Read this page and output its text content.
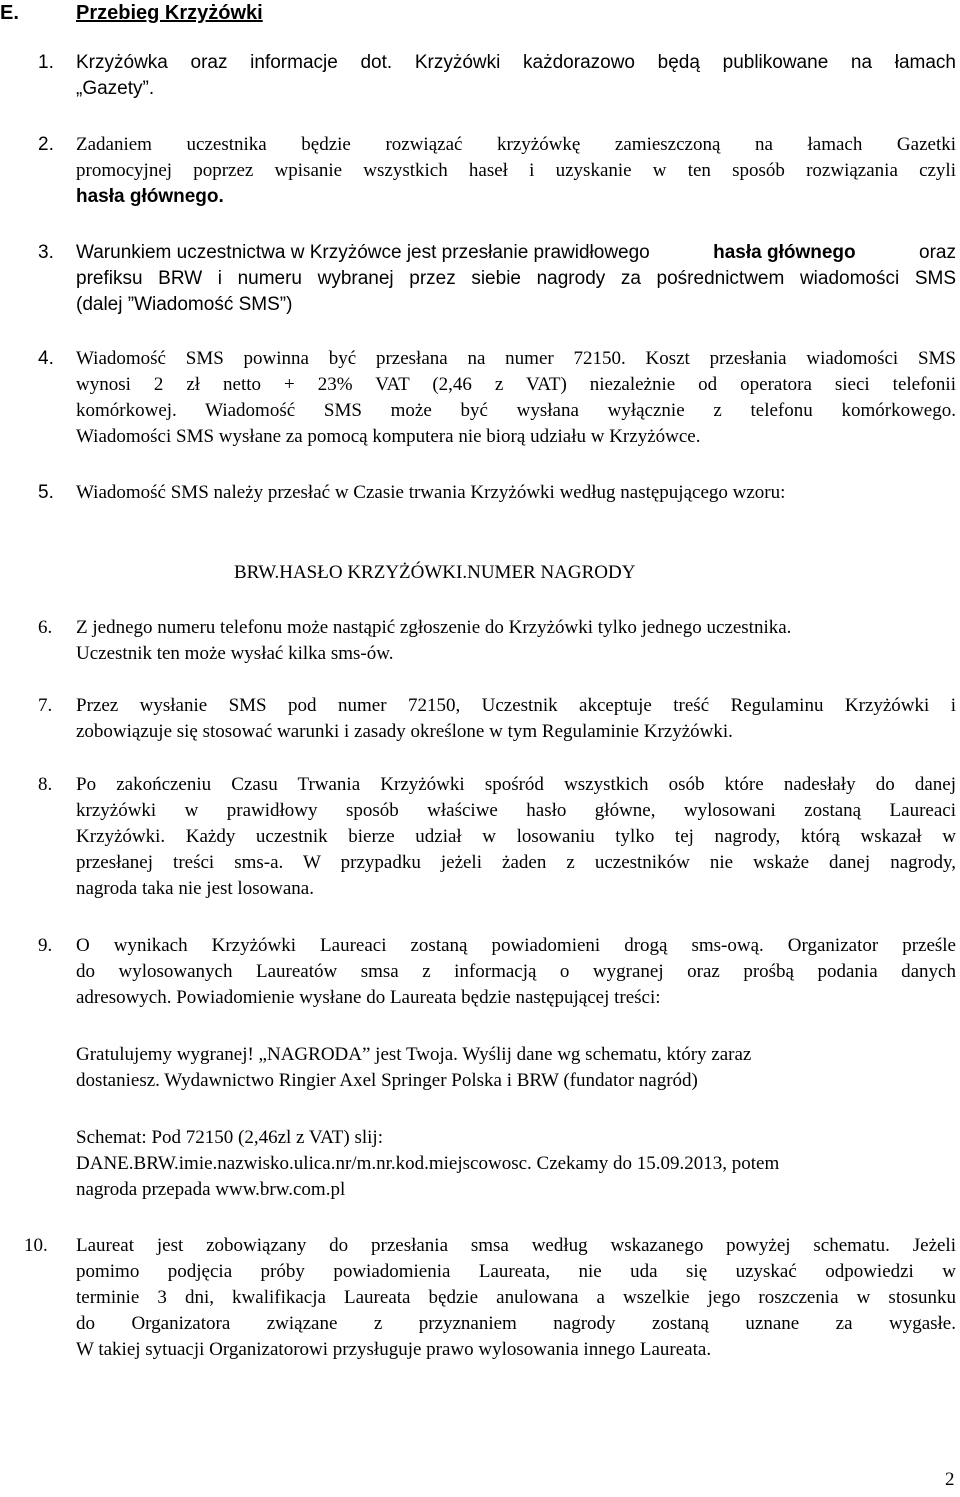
E.	Przebieg Krzyżówki
1. Krzyżówka oraz informacje dot. Krzyżówki każdorazowo będą publikowane na łamach
„Gazety”.
2. Zadaniem uczestnika będzie rozwiązać krzyżówkę zamieszczoną na łamach Gazetki
promocyjnej poprzez wpisanie wszystkich haseł i uzyskanie w ten sposób rozwiązania czyli
hasła głównego.
3. Warunkiem uczestnictwa w Krzyżówce jest przesłanie prawidłowego	hasła głównego	oraz
prefiksu BRW i numeru wybranej przez siebie nagrody za pośrednictwem wiadomości SMS
(dalej ”Wiadomość SMS”)
4. Wiadomość SMS powinna być przesłana na numer 72150. Koszt przesłania wiadomości SMS
wynosi 2 zł netto + 23% VAT (2,46 z VAT) niezależnie od operatora sieci telefonii
komórkowej. Wiadomość SMS może być wysłana wyłącznie z telefonu komórkowego.
Wiadomości SMS wysłane za pomocą komputera nie biorą udziału w Krzyżówce.
5. Wiadomość SMS należy przesłać w Czasie trwania Krzyżówki według następującego wzoru:
BRW.HASŁO KRZYŻÓWKI.NUMER NAGRODY
6. Z jednego numeru telefonu może nastąpić zgłoszenie do Krzyżówki tylko jednego uczestnika.
Uczestnik ten może wysłać kilka sms-ów.
7. Przez wysłanie SMS pod numer 72150, Uczestnik akceptuje treść Regulaminu Krzyżówki i
zobowiązuje się stosować warunki i zasady określone w tym Regulaminie Krzyżówki.
8. Po zakończeniu Czasu Trwania Krzyżówki spośród wszystkich osób które nadesłały do danej
krzyżówki w prawidłowy sposób właściwe hasło główne, wylosowani zostaną Laureaci
Krzyżówki. Każdy uczestnik bierze udział w losowaniu tylko tej nagrody, którą wskazał w
przesłanej treści sms-a. W przypadku jeżeli żaden z uczestników nie wskaże danej nagrody,
nagroda taka nie jest losowana.
9. O wynikach Krzyżówki Laureaci zostaną powiadomieni drogą sms-ową. Organizator prześle
do wylosowanych Laureatów smsa z informacją o wygranej oraz prośbą podania danych
adresowych. Powiadomienie wysłane do Laureata będzie następującej treści:
Gratulujemy wygranej! „NAGRODA” jest Twoja. Wyślij dane wg schematu, który zaraz
dostaniesz. Wydawnictwo Ringier Axel Springer Polska i BRW (fundator nagród)
Schemat: Pod 72150 (2,46zl z VAT) slij:
DANE.BRW.imie.nazwisko.ulica.nr/m.nr.kod.miejscowosc. Czekamy do 15.09.2013, potem
nagroda przepada www.brw.com.pl
10. Laureat jest zobowiązany do przesłania smsa według wskazanego powyżej schematu. Jeżeli
pomimo podjęcia próby powiadomienia Laureata, nie uda się uzyskać odpowiedzi w
terminie 3 dni, kwalifikacja Laureata będzie anulowana a wszelkie jego roszczenia w stosunku
do Organizatora związane z przyznaniem nagrody zostaną uznane za wygasłe.
W takiej sytuacji Organizatorowi przysługuje prawo wylosowania innego Laureata.
2
